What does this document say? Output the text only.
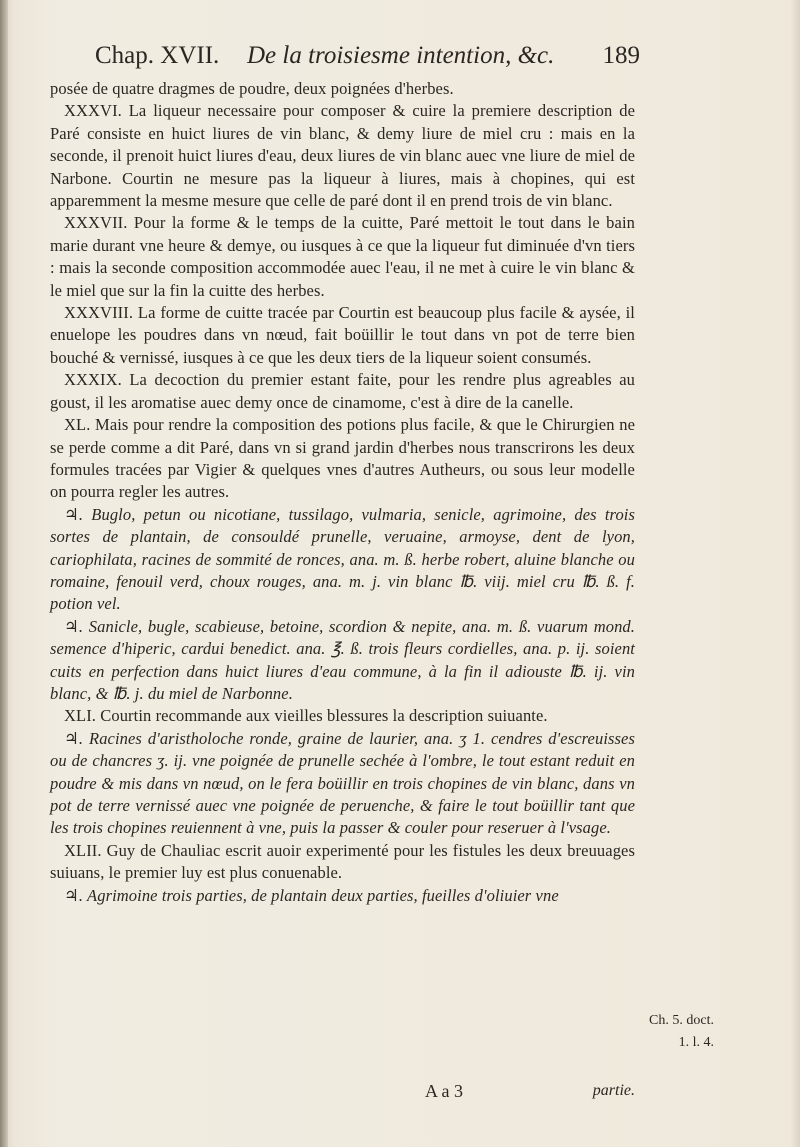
Chap. XVII. De la troisiesme intention, &c. 189

posée de quatre dragmes de poudre, deux poignées d'herbes.

XXXVI. La liqueur necessaire pour composer & cuire la premiere description de Paré consiste en huict liures de vin blanc, & demy liure de miel cru : mais en la seconde, il prenoit huict liures d'eau, deux liures de vin blanc auec vne liure de miel de Narbone. Courtin ne mesure pas la liqueur à liures, mais à chopines, qui est apparemment la mesme mesure que celle de paré dont il en prend trois de vin blanc.

XXXVII. Pour la forme & le temps de la cuitte, Paré mettoit le tout dans le bain marie durant vne heure & demye, ou iusques à ce que la liqueur fut diminuée d'vn tiers : mais la seconde composition accommodée auec l'eau, il ne met à cuire le vin blanc & le miel que sur la fin la cuitte des herbes.

XXXVIII. La forme de cuitte tracée par Courtin est beaucoup plus facile & aysée, il enuelope les poudres dans vn nœud, fait boüillir le tout dans vn pot de terre bien bouché & vernissé, iusques à ce que les deux tiers de la liqueur soient consumés.

XXXIX. La decoction du premier estant faite, pour les rendre plus agreables au goust, il les aromatise auec demy once de cinamome, c'est à dire de la canelle.

XL. Mais pour rendre la composition des potions plus facile, & que le Chirurgien ne se perde comme a dit Paré, dans vn si grand jardin d'herbes nous transcrirons les deux formules tracées par Vigier & quelques vnes d'autres Autheurs, ou sous leur modelle on pourra regler les autres.

♃. Buglo, petun ou nicotiane, tussilago, vulmaria, senicle, agrimoine, des trois sortes de plantain, de consouldé prunelle, veruaine, armoyse, dent de lyon, cariophilata, racines de sommité de ronces, ana. m. ß. herbe robert, aluine blanche ou romaine, fenouil verd, choux rouges, ana. m. j. vin blanc ℔. viij. miel cru ℔. ß. f. potion vel.

♃. Sanicle, bugle, scabieuse, betoine, scordion & nepite, ana. m. ß. vuarum mond. semence d'hiperic, cardui benedict. ana. ℥. ß. trois fleurs cordielles, ana. p. ij. soient cuits en perfection dans huict liures d'eau commune, à la fin il adiouste ℔. ij. vin blanc, & ℔. j. du miel de Narbonne.

XLI. Courtin recommande aux vieilles blessures la description suiuante.

♃. Racines d'aristholoche ronde, graine de laurier, ana. ʒ 1. cendres d'escreuisses ou de chancres ʒ. ij. vne poignée de prunelle sechée à l'ombre, le tout estant reduit en poudre & mis dans vn nœud, on le fera boüillir en trois chopines de vin blanc, dans vn pot de terre vernissé auec vne poignée de peruenche, & faire le tout boüillir tant que les trois chopines reuiennent à vne, puis la passer & couler pour reseruer à l'vsage.

XLII. Guy de Chauliac escrit auoir experimenté pour les fistules les deux breuuages suiuans, le premier luy est plus conuenable.

♃. Agrimoine trois parties, de plantain deux parties, fueilles d'oliuier vne

Ch. 5. doct.
1. l. 4.
A a 3	partie.
